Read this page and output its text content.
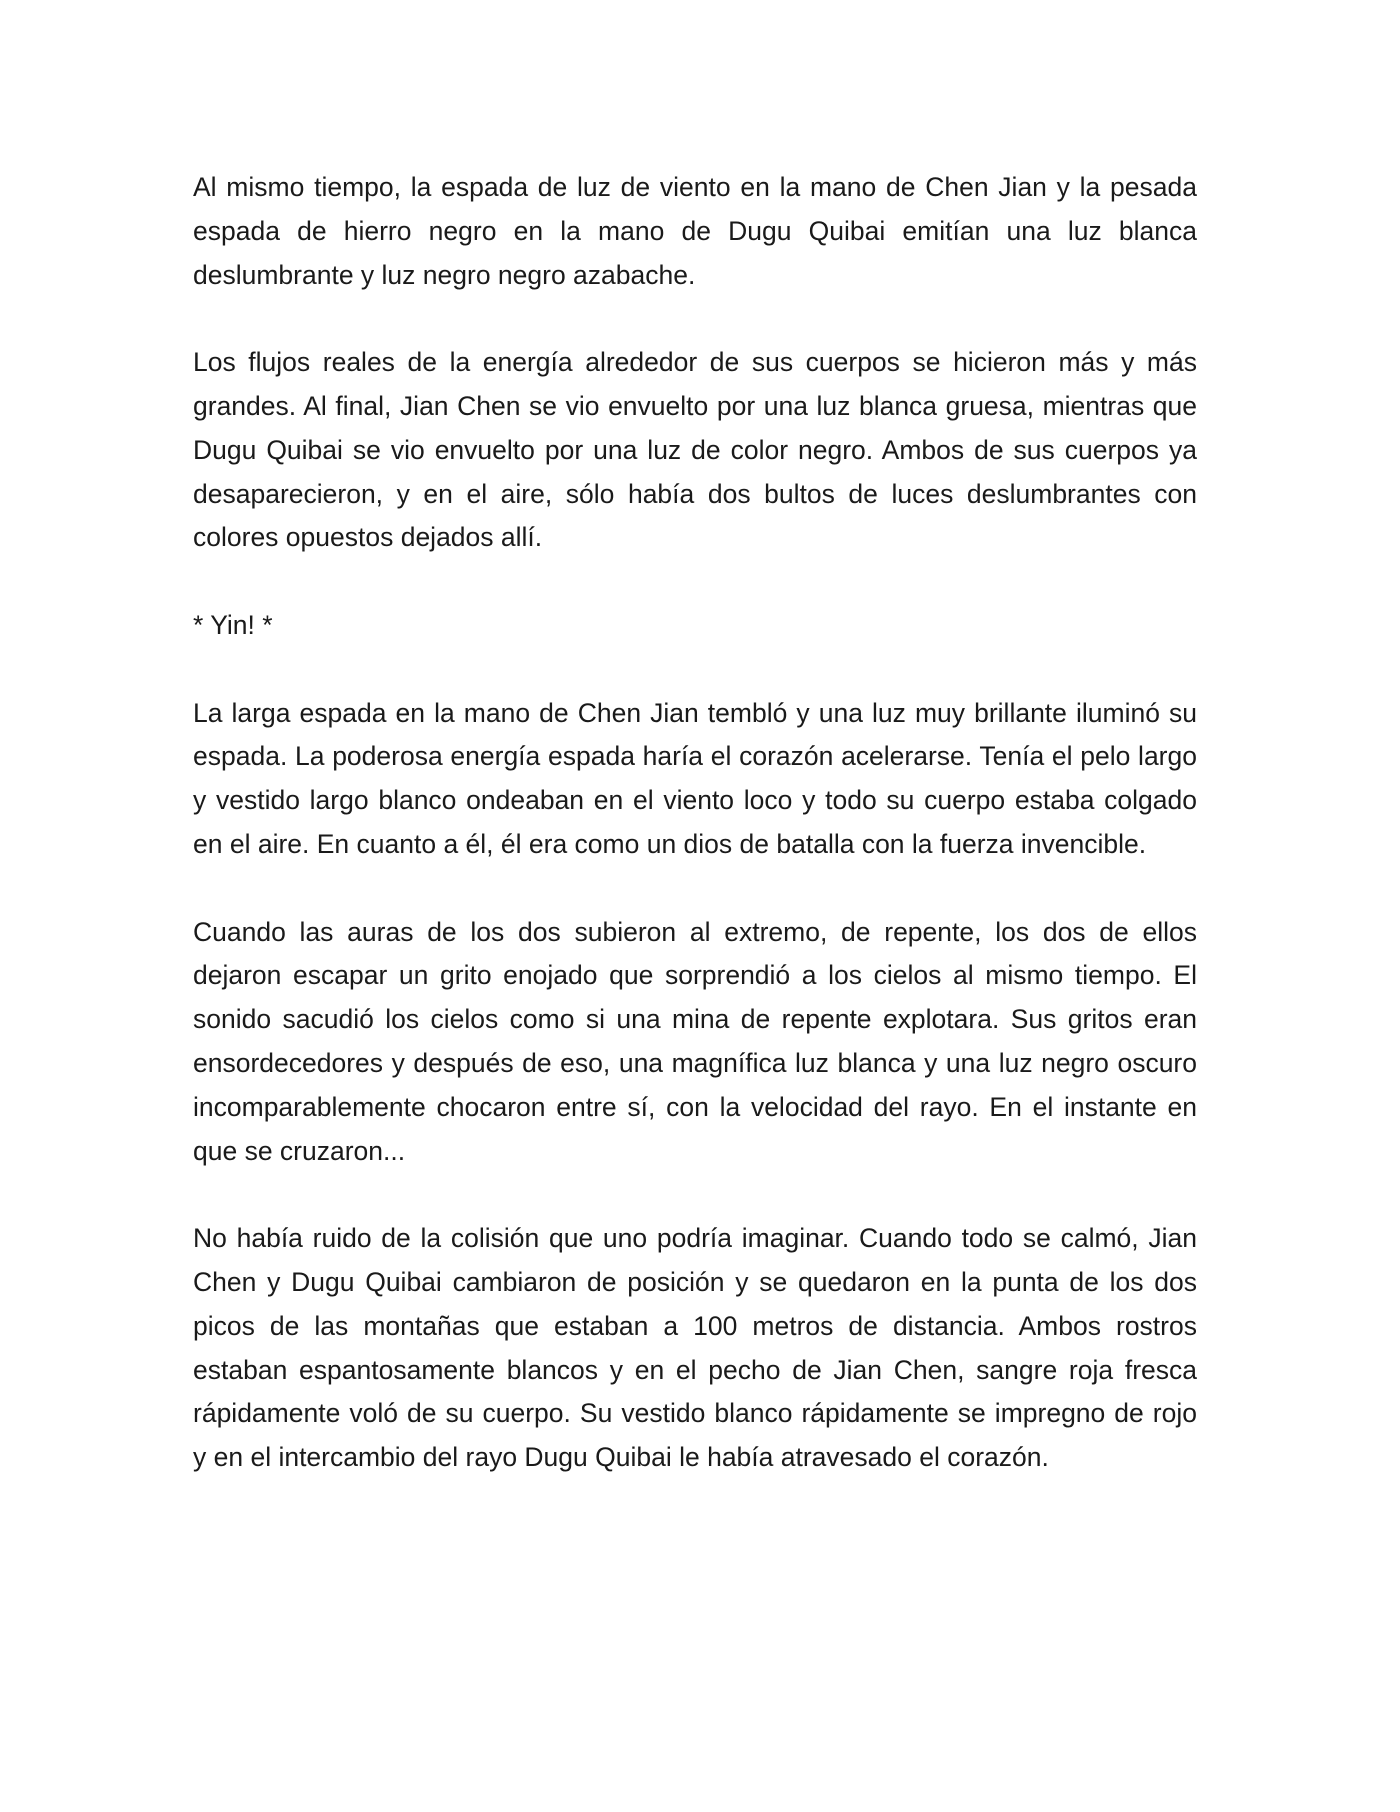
Al mismo tiempo, la espada de luz de viento en la mano de Chen Jian y la pesada espada de hierro negro en la mano de Dugu Quibai emitían una luz blanca deslumbrante y luz negro negro azabache.

Los flujos reales de la energía alrededor de sus cuerpos se hicieron más y más grandes. Al final, Jian Chen se vio envuelto por una luz blanca gruesa, mientras que Dugu Quibai se vio envuelto por una luz de color negro. Ambos de sus cuerpos ya desaparecieron, y en el aire, sólo había dos bultos de luces deslumbrantes con colores opuestos dejados allí.

* Yin! *

La larga espada en la mano de Chen Jian tembló y una luz muy brillante iluminó su espada. La poderosa energía espada haría el corazón acelerarse. Tenía el pelo largo y vestido largo blanco ondeaban en el viento loco y todo su cuerpo estaba colgado en el aire. En cuanto a él, él era como un dios de batalla con la fuerza invencible.

Cuando las auras de los dos subieron al extremo, de repente, los dos de ellos dejaron escapar un grito enojado que sorprendió a los cielos al mismo tiempo. El sonido sacudió los cielos como si una mina de repente explotara. Sus gritos eran ensordecedores y después de eso, una magnífica luz blanca y una luz negro oscuro incomparablemente chocaron entre sí, con la velocidad del rayo. En el instante en que se cruzaron...

No había ruido de la colisión que uno podría imaginar. Cuando todo se calmó, Jian Chen y Dugu Quibai cambiaron de posición y se quedaron en la punta de los dos picos de las montañas que estaban a 100 metros de distancia. Ambos rostros estaban espantosamente blancos y en el pecho de Jian Chen, sangre roja fresca rápidamente voló de su cuerpo. Su vestido blanco rápidamente se impregno de rojo y en el intercambio del rayo Dugu Quibai le había atravesado el corazón.
